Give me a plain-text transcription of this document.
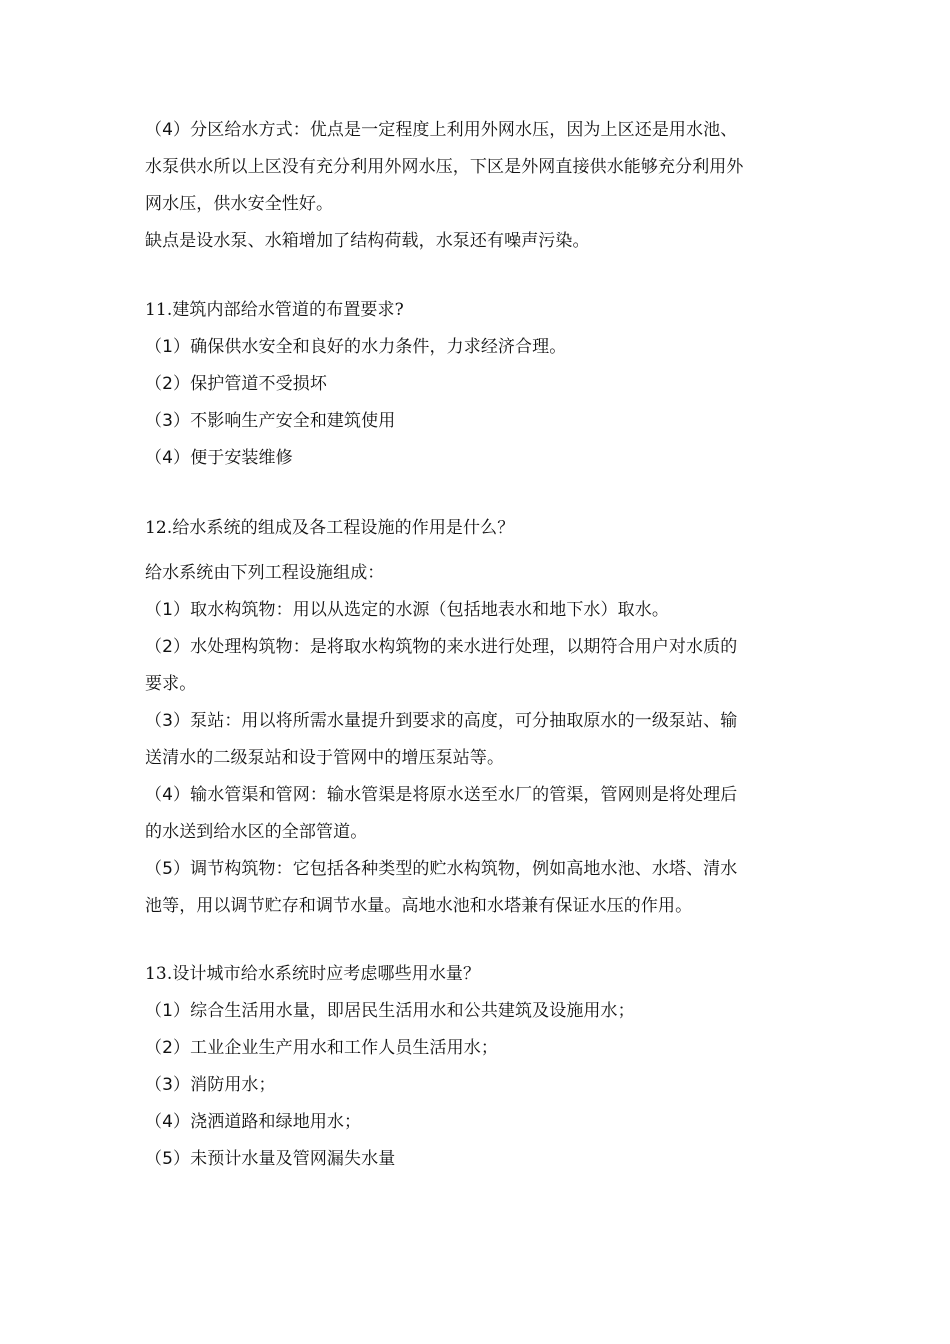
（4）分区给水方式：优点是一定程度上利用外网水压，因为上区还是用水池、
水泵供水所以上区没有充分利用外网水压，下区是外网直接供水能够充分利用外
网水压，供水安全性好。
缺点是设水泵、水箱增加了结构荷载，水泵还有噪声污染。
11.建筑内部给水管道的布置要求?
（1）确保供水安全和良好的水力条件，力求经济合理。
（2）保护管道不受损坏
（3）不影响生产安全和建筑使用
（4）便于安装维修
12.给水系统的组成及各工程设施的作用是什么？
给水系统由下列工程设施组成：
（1）取水构筑物：用以从选定的水源（包括地表水和地下水）取水。
（2）水处理构筑物：是将取水构筑物的来水进行处理，以期符合用户对水质的
要求。
（3）泵站：用以将所需水量提升到要求的高度，可分抽取原水的一级泵站、输
送清水的二级泵站和设于管网中的增压泵站等。
（4）输水管渠和管网：输水管渠是将原水送至水厂的管渠，管网则是将处理后
的水送到给水区的全部管道。
（5）调节构筑物：它包括各种类型的贮水构筑物，例如高地水池、水塔、清水
池等，用以调节贮存和调节水量。高地水池和水塔兼有保证水压的作用。
13.设计城市给水系统时应考虑哪些用水量？
（1）综合生活用水量，即居民生活用水和公共建筑及设施用水；
（2）工业企业生产用水和工作人员生活用水；
（3）消防用水；
（4）浇洒道路和绿地用水；
（5）未预计水量及管网漏失水量
